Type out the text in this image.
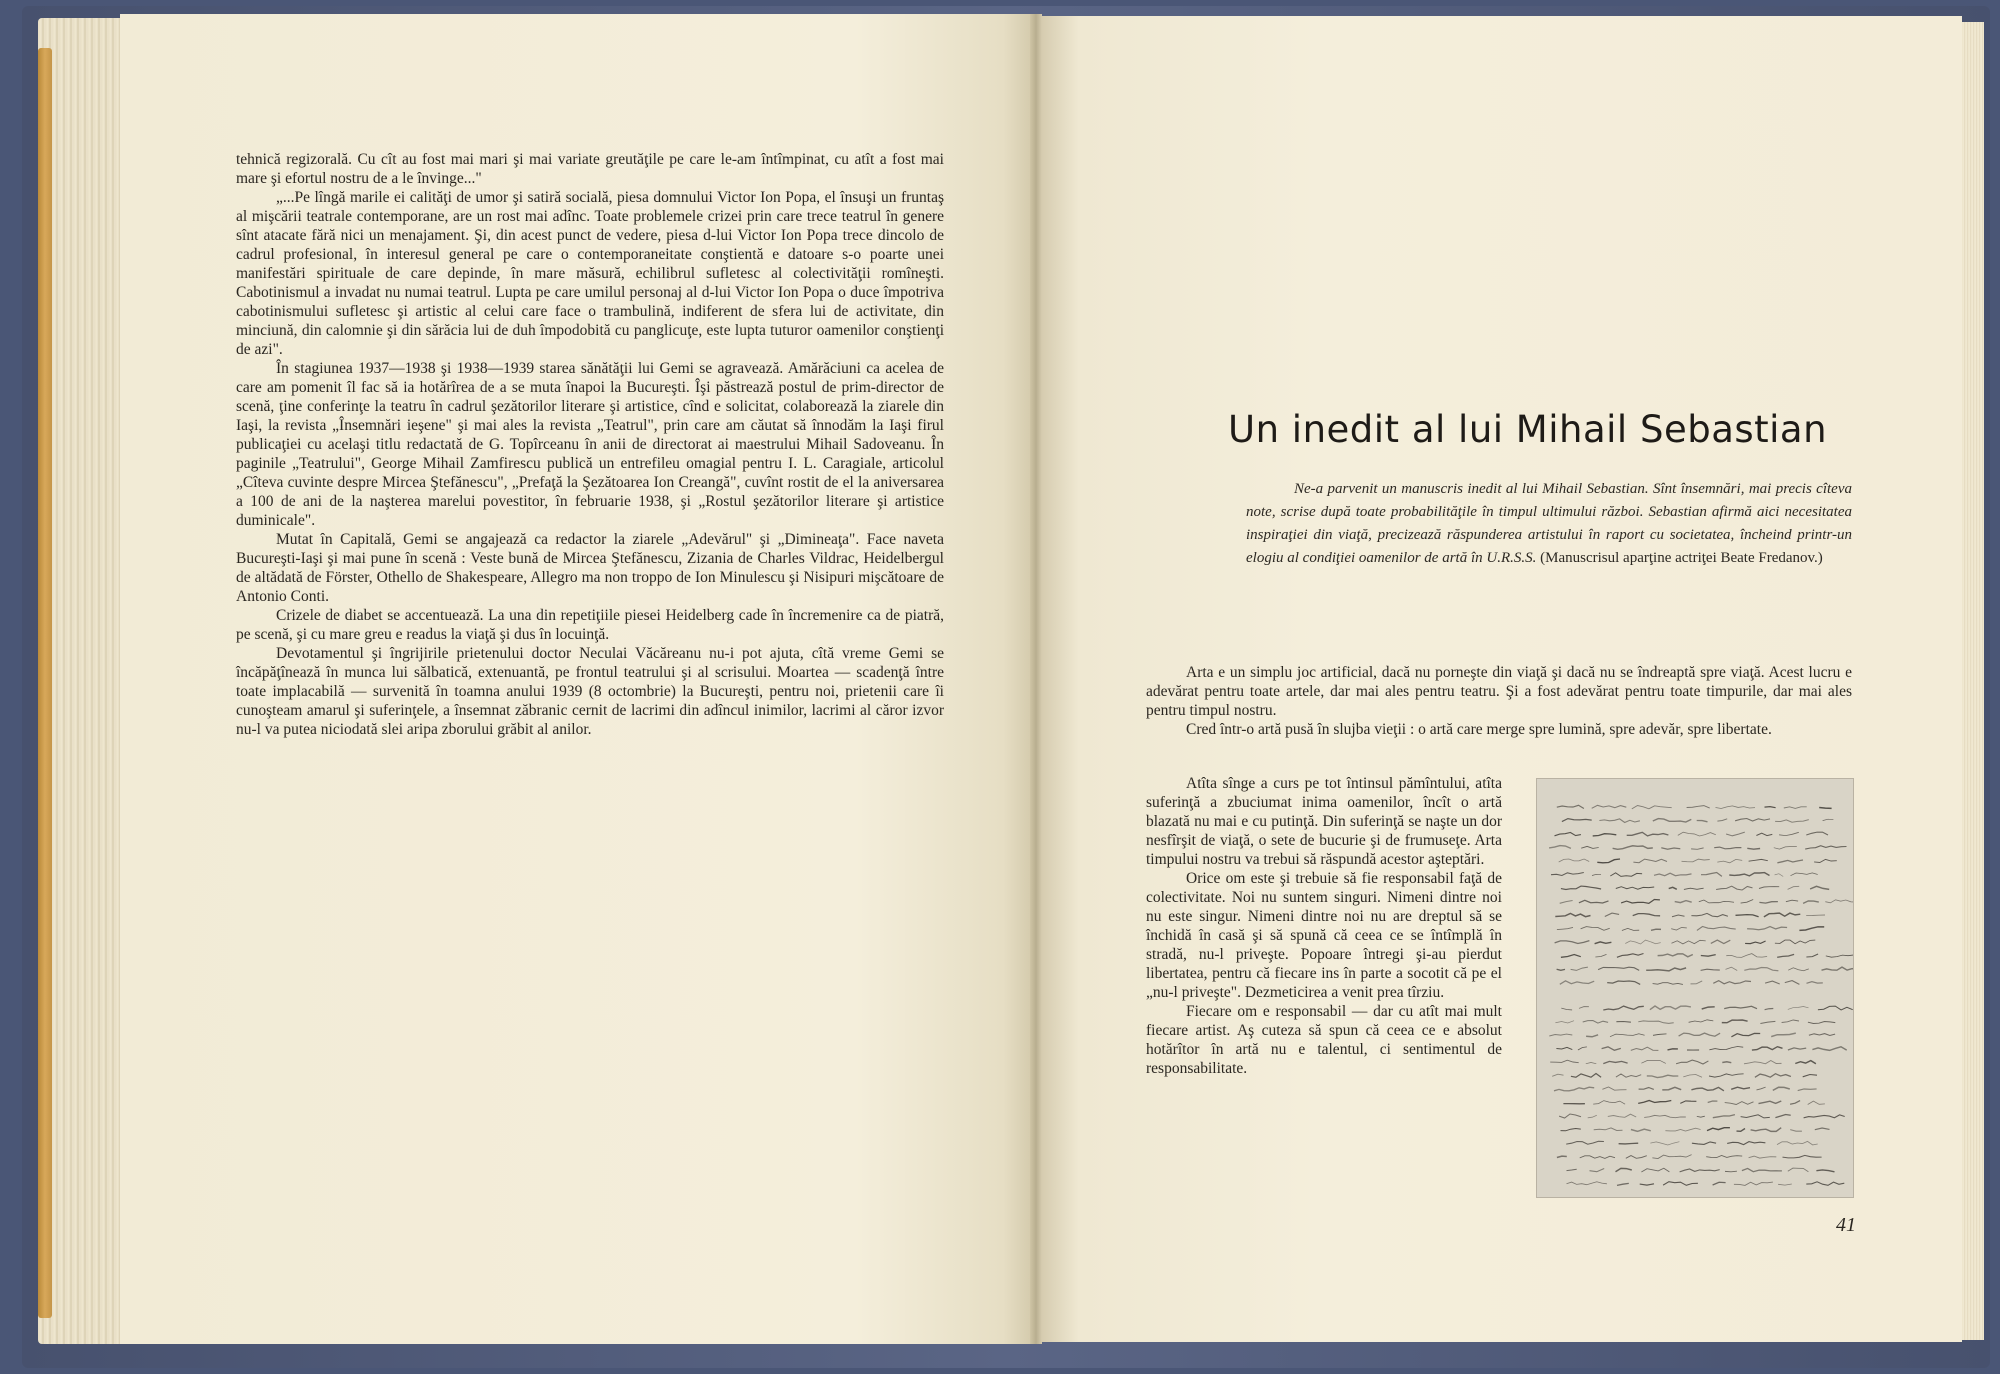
tehnică regizorală. Cu cît au fost mai mari şi mai variate greutăţile pe care le-am întîmpinat, cu atît a fost mai mare şi efortul nostru de a le învinge..."

„...Pe lîngă marile ei calităţi de umor şi satiră socială, piesa domnului Victor Ion Popa, el însuşi un fruntaş al mişcării teatrale contemporane, are un rost mai adînc. Toate problemele crizei prin care trece teatrul în genere sînt atacate fără nici un menajament. Şi, din acest punct de vedere, piesa d-lui Victor Ion Popa trece dincolo de cadrul profesional, în interesul general pe care o contemporaneitate conştientă e datoare s-o poarte unei manifestări spirituale de care depinde, în mare măsură, echilibrul sufletesc al colectivităţii romîneşti. Cabotinismul a invadat nu numai teatrul. Lupta pe care umilul personaj al d-lui Victor Ion Popa o duce împotriva cabotinismului sufletesc şi artistic al celui care face o trambulină, indiferent de sfera lui de activitate, din minciună, din calomnie şi din sărăcia lui de duh împodobită cu panglicuţe, este lupta tuturor oamenilor conştienţi de azi".

În stagiunea 1937—1938 şi 1938—1939 starea sănătăţii lui Gemi se agravează. Amărăciuni ca acelea de care am pomenit îl fac să ia hotărîrea de a se muta înapoi la Bucureşti. Îşi păstrează postul de prim-director de scenă, ţine conferinţe la teatru în cadrul şezătorilor literare şi artistice, cînd e solicitat, colaborează la ziarele din Iaşi, la revista „Însemnări ieşene" şi mai ales la revista „Teatrul", prin care am căutat să înnodăm la Iaşi firul publicaţiei cu acelaşi titlu redactată de G. Topîrceanu în anii de directorat ai maestrului Mihail Sadoveanu. În paginile „Teatrului", George Mihail Zamfirescu publică un entrefileu omagial pentru I. L. Caragiale, articolul „Cîteva cuvinte despre Mircea Ştefănescu", „Prefaţă la Şezătoarea Ion Creangă", cuvînt rostit de el la aniversarea a 100 de ani de la naşterea marelui povestitor, în februarie 1938, şi „Rostul şezătorilor literare şi artistice duminicale".

Mutat în Capitală, Gemi se angajează ca redactor la ziarele „Adevărul" şi „Dimineaţa". Face naveta Bucureşti-Iaşi şi mai pune în scenă : Veste bună de Mircea Ştefănescu, Zizania de Charles Vildrac, Heidelbergul de altădată de Förster, Othello de Shakespeare, Allegro ma non troppo de Ion Minulescu şi Nisipuri mişcătoare de Antonio Conti.

Crizele de diabet se accentuează. La una din repetiţiile piesei Heidelberg cade în încremenire ca de piatră, pe scenă, şi cu mare greu e readus la viaţă şi dus în locuinţă.

Devotamentul şi îngrijirile prietenului doctor Neculai Văcăreanu nu-i pot ajuta, cîtă vreme Gemi se încăpăţînează în munca lui sălbatică, extenuantă, pe frontul teatrului şi al scrisului. Moartea — scadenţă între toate implacabilă — survenită în toamna anului 1939 (8 octombrie) la Bucureşti, pentru noi, prietenii care îi cunoşteam amarul şi suferinţele, a însemnat zăbranic cernit de lacrimi din adîncul inimilor, lacrimi al căror izvor nu-l va putea niciodată slei aripa zborului grăbit al anilor.

Un inedit al lui Mihail Sebastian

Ne-a parvenit un manuscris inedit al lui Mihail Sebastian. Sînt însemnări, mai precis cîteva note, scrise după toate probabilităţile în timpul ultimului război. Sebastian afirmă aici necesitatea inspiraţiei din viaţă, precizează răspunderea artistului în raport cu societatea, încheind printr-un elogiu al condiţiei oamenilor de artă în U.R.S.S. (Manuscrisul aparţine actriţei Beate Fredanov.)

Arta e un simplu joc artificial, dacă nu porneşte din viaţă şi dacă nu se îndreaptă spre viaţă. Acest lucru e adevărat pentru toate artele, dar mai ales pentru teatru. Şi a fost adevărat pentru toate timpurile, dar mai ales pentru timpul nostru.

Cred într-o artă pusă în slujba vieţii : o artă care merge spre lumină, spre adevăr, spre libertate.

Atîta sînge a curs pe tot întinsul pămîntului, atîta suferinţă a zbuciumat inima oamenilor, încît o artă blazată nu mai e cu putinţă. Din suferinţă se naşte un dor nesfîrşit de viaţă, o sete de bucurie şi de frumuseţe. Arta timpului nostru va trebui să răspundă acestor aşteptări.

Orice om este şi trebuie să fie responsabil faţă de colectivitate. Noi nu suntem singuri. Nimeni dintre noi nu este singur. Nimeni dintre noi nu are dreptul să se închidă în casă şi să spună că ceea ce se întîmplă în stradă, nu-l priveşte. Popoare întregi şi-au pierdut libertatea, pentru că fiecare ins în parte a socotit că pe el „nu-l priveşte". Dezmeticirea a venit prea tîrziu.

Fiecare om e responsabil — dar cu atît mai mult fiecare artist. Aş cuteza să spun că ceea ce e absolut hotărîtor în artă nu e talentul, ci sentimentul de responsabilitate.

41
